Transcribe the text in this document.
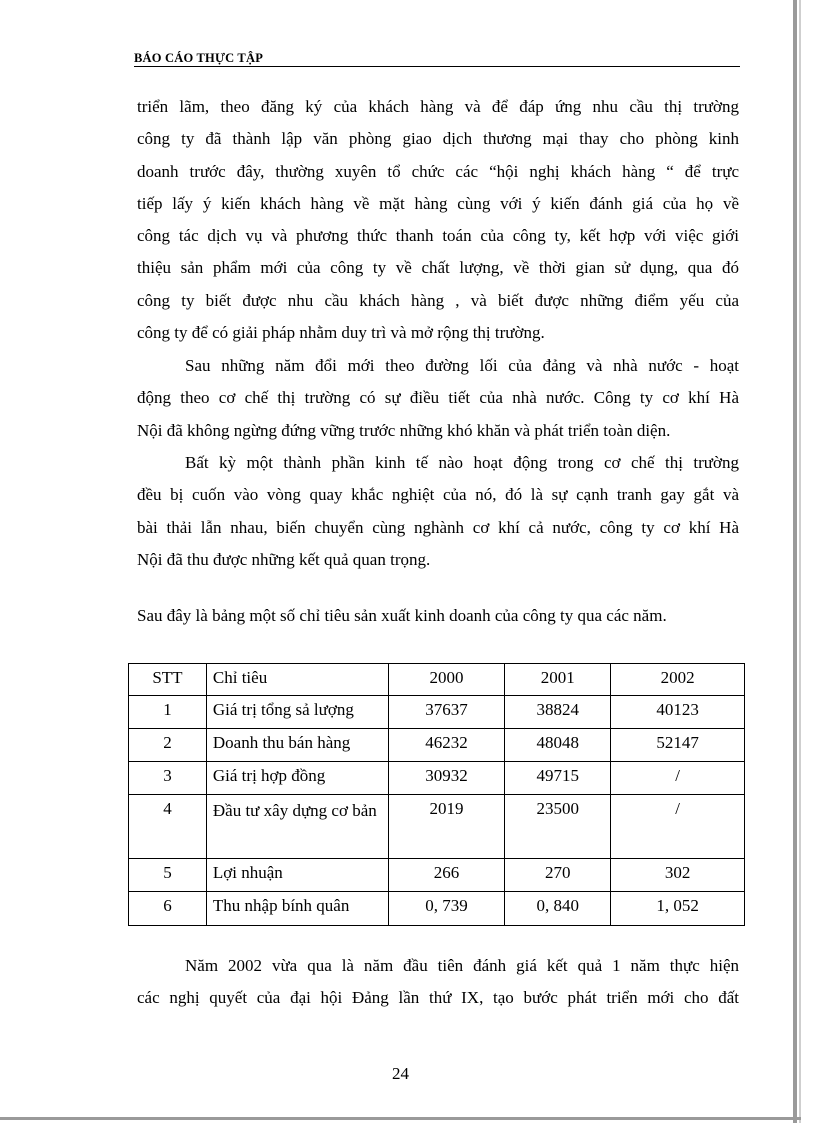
BÁO CÁO THỰC TẬP
triển lãm, theo đăng ký của khách hàng và để đáp ứng nhu cầu thị trường
công ty đã thành lập văn phòng giao dịch thương mại thay cho phòng kinh
doanh trước đây, thường xuyên tổ chức các “hội nghị khách hàng “ để trực
tiếp lấy ý kiến khách hàng về mặt hàng cùng với ý kiến đánh giá của họ về
công tác dịch vụ và phương thức thanh toán của công ty, kết hợp với việc giới
thiệu sản phẩm mới của công ty về chất lượng, về thời gian sử dụng, qua đó
công ty biết được nhu cầu khách hàng , và biết được những điểm yếu của
công ty để có giải pháp nhằm duy trì và mở rộng thị trường.
Sau những năm đổi mới theo đường lối của đảng và nhà nước - hoạt
động theo cơ chế thị trường có sự điều tiết của nhà nước. Công ty cơ khí Hà
Nội đã không ngừng đứng vững trước những khó khăn và phát triển toàn diện.
Bất kỳ một thành phần kinh tế nào hoạt động trong cơ chế thị trường
đều bị cuốn vào vòng quay khắc nghiệt của nó, đó là sự cạnh tranh gay gắt và
bài thải lẫn nhau, biến chuyển cùng nghành cơ khí cả nước, công ty cơ khí Hà
Nội đã thu được những kết quả quan trọng.
Sau đây là bảng một số chỉ tiêu sản xuất kinh doanh của công ty qua các năm.
STT	Chỉ tiêu	2000	2001	2002
1	Giá trị tổng sả lượng	37637	38824	40123
2	Doanh thu bán hàng	46232	48048	52147
3	Giá trị hợp đồng	30932	49715	/
4	Đầu tư xây dựng cơ bản	2019	23500	/
5	Lợi nhuận	266	270	302
6	Thu nhập bính quân	0, 739	0, 840	1, 052
Năm 2002 vừa qua là năm đầu tiên đánh giá kết quả 1 năm thực hiện
các nghị quyết của đại hội Đảng lần thứ IX, tạo bước phát triển mới cho đất
24
